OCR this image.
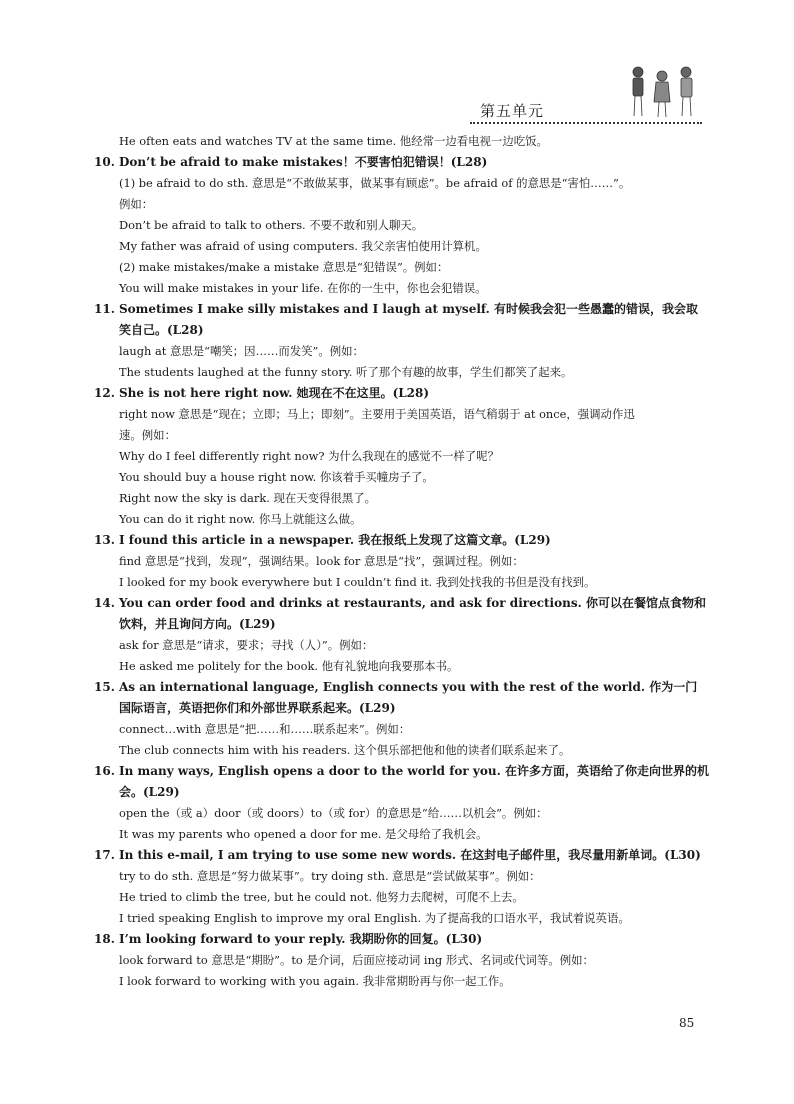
第五单元
He often eats and watches TV at the same time. 他经常一边看电视一边吃饭。
10. Don’t be afraid to make mistakes！不要害怕犯错误！(L28)
(1) be afraid to do sth. 意思是“不敢做某事，做某事有顾虑”。be afraid of 的意思是“害怕……”。
例如：
Don’t be afraid to talk to others. 不要不敢和别人聊天。
My father was afraid of using computers. 我父亲害怕使用计算机。
(2) make mistakes/make a mistake 意思是“犯错误”。例如：
You will make mistakes in your life. 在你的一生中，你也会犯错误。
11. Sometimes I make silly mistakes and I laugh at myself. 有时候我会犯一些愚蠢的错误，我会取笑自己。(L28)
laugh at 意思是“嘲笑；因……而发笑”。例如：
The students laughed at the funny story. 听了那个有趣的故事，学生们都笑了起来。
12. She is not here right now. 她现在不在这里。(L28)
right now 意思是“现在；立即；马上；即刻”。主要用于美国英语，语气稍弱于 at once，强调动作迅
速。例如：
Why do I feel differently right now? 为什么我现在的感觉不一样了呢？
You should buy a house right now. 你该着手买幢房子了。
Right now the sky is dark. 现在天变得很黑了。
You can do it right now. 你马上就能这么做。
13. I found this article in a newspaper. 我在报纸上发现了这篇文章。(L29)
find 意思是“找到，发现”，强调结果。look for 意思是“找”，强调过程。例如：
I looked for my book everywhere but I couldn’t find it. 我到处找我的书但是没有找到。
14. You can order food and drinks at restaurants, and ask for directions. 你可以在餐馆点食物和饮料，并且询问方向。(L29)
ask for 意思是“请求，要求；寻找（人）”。例如：
He asked me politely for the book. 他有礼貌地向我要那本书。
15. As an international language, English connects you with the rest of the world. 作为一门国际语言，英语把你们和外部世界联系起来。(L29)
connect…with 意思是“把……和……联系起来”。例如：
The club connects him with his readers. 这个俱乐部把他和他的读者们联系起来了。
16. In many ways, English opens a door to the world for you. 在许多方面，英语给了你走向世界的机会。(L29)
open the（或 a）door（或 doors）to（或 for）的意思是“给……以机会”。例如：
It was my parents who opened a door for me. 是父母给了我机会。
17. In this e-mail, I am trying to use some new words. 在这封电子邮件里，我尽量用新单词。(L30)
try to do sth. 意思是“努力做某事”。try doing sth. 意思是“尝试做某事”。例如：
He tried to climb the tree, but he could not. 他努力去爬树，可爬不上去。
I tried speaking English to improve my oral English. 为了提高我的口语水平，我试着说英语。
18. I’m looking forward to your reply. 我期盼你的回复。(L30)
look forward to 意思是“期盼”。to 是介词，后面应接动词 ing 形式、名词或代词等。例如：
I look forward to working with you again. 我非常期盼再与你一起工作。
85
